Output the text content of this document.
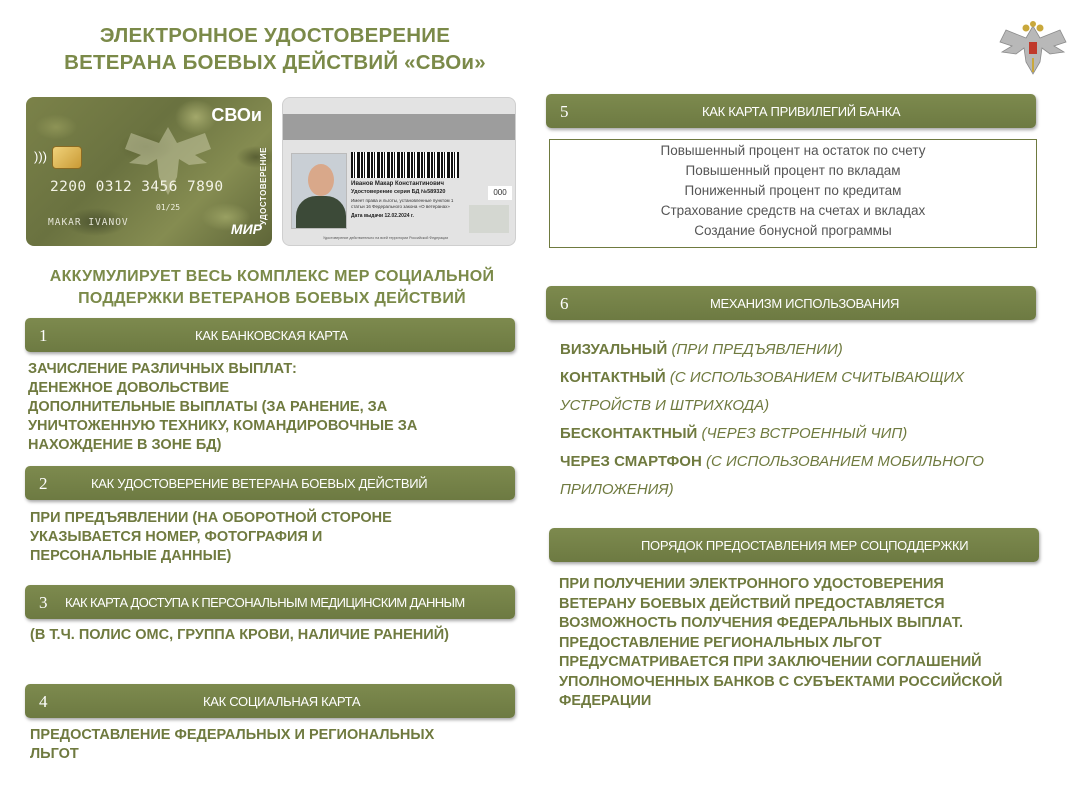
ЭЛЕКТРОННОЕ УДОСТОВЕРЕНИЕ
ВЕТЕРАНА БОЕВЫХ ДЕЙСТВИЙ «СВОи»
СВОи
УДОСТОВЕРЕНИЕ
)))
2200 0312 3456 7890
01/25
MAKAR IVANOV	МИР
Иванов Макар Константинович
Удостоверение серия БД №589320
Имеет права и льготы, установленные пунктом 1 статьи 16 Федерального закона «О ветеранах»
Дата выдачи 12.02.2024 г.
000
Удостоверение действительно на всей территории Российской Федерации
АККУМУЛИРУЕТ ВЕСЬ КОМПЛЕКС МЕР СОЦИАЛЬНОЙ
ПОДДЕРЖКИ ВЕТЕРАНОВ БОЕВЫХ ДЕЙСТВИЙ
1	КАК БАНКОВСКАЯ КАРТА
ЗАЧИСЛЕНИЕ РАЗЛИЧНЫХ ВЫПЛАТ:
ДЕНЕЖНОЕ ДОВОЛЬСТВИЕ
ДОПОЛНИТЕЛЬНЫЕ ВЫПЛАТЫ (ЗА РАНЕНИЕ, ЗА
УНИЧТОЖЕННУЮ ТЕХНИКУ, КОМАНДИРОВОЧНЫЕ ЗА
НАХОЖДЕНИЕ В ЗОНЕ БД)
2	КАК УДОСТОВЕРЕНИЕ ВЕТЕРАНА БОЕВЫХ ДЕЙСТВИЙ
ПРИ ПРЕДЪЯВЛЕНИИ (НА ОБОРОТНОЙ СТОРОНЕ
УКАЗЫВАЕТСЯ НОМЕР, ФОТОГРАФИЯ И
ПЕРСОНАЛЬНЫЕ ДАННЫЕ)
3 КАК КАРТА ДОСТУПА К ПЕРСОНАЛЬНЫМ МЕДИЦИНСКИМ ДАННЫМ
(В Т.Ч. ПОЛИС ОМС, ГРУППА КРОВИ, НАЛИЧИЕ РАНЕНИЙ)
4	КАК СОЦИАЛЬНАЯ КАРТА
ПРЕДОСТАВЛЕНИЕ ФЕДЕРАЛЬНЫХ И РЕГИОНАЛЬНЫХ
ЛЬГОТ
5	КАК КАРТА ПРИВИЛЕГИЙ БАНКА
Повышенный процент на остаток по счету
Повышенный процент по вкладам
Пониженный процент по кредитам
Страхование средств на счетах и вкладах
Создание бонусной программы
6	МЕХАНИЗМ ИСПОЛЬЗОВАНИЯ
ВИЗУАЛЬНЫЙ (ПРИ ПРЕДЪЯВЛЕНИИ)
КОНТАКТНЫЙ (С ИСПОЛЬЗОВАНИЕМ СЧИТЫВАЮЩИХ
УСТРОЙСТВ И ШТРИХКОДА)
БЕСКОНТАКТНЫЙ (ЧЕРЕЗ ВСТРОЕННЫЙ ЧИП)
ЧЕРЕЗ СМАРТФОН (С ИСПОЛЬЗОВАНИЕМ МОБИЛЬНОГО
ПРИЛОЖЕНИЯ)
ПОРЯДОК ПРЕДОСТАВЛЕНИЯ МЕР СОЦПОДДЕРЖКИ
ПРИ ПОЛУЧЕНИИ ЭЛЕКТРОННОГО УДОСТОВЕРЕНИЯ
ВЕТЕРАНУ БОЕВЫХ ДЕЙСТВИЙ ПРЕДОСТАВЛЯЕТСЯ
ВОЗМОЖНОСТЬ ПОЛУЧЕНИЯ ФЕДЕРАЛЬНЫХ ВЫПЛАТ.
ПРЕДОСТАВЛЕНИЕ РЕГИОНАЛЬНЫХ ЛЬГОТ
ПРЕДУСМАТРИВАЕТСЯ ПРИ ЗАКЛЮЧЕНИИ СОГЛАШЕНИЙ
УПОЛНОМОЧЕННЫХ БАНКОВ С СУБЪЕКТАМИ РОССИЙСКОЙ
ФЕДЕРАЦИИ
